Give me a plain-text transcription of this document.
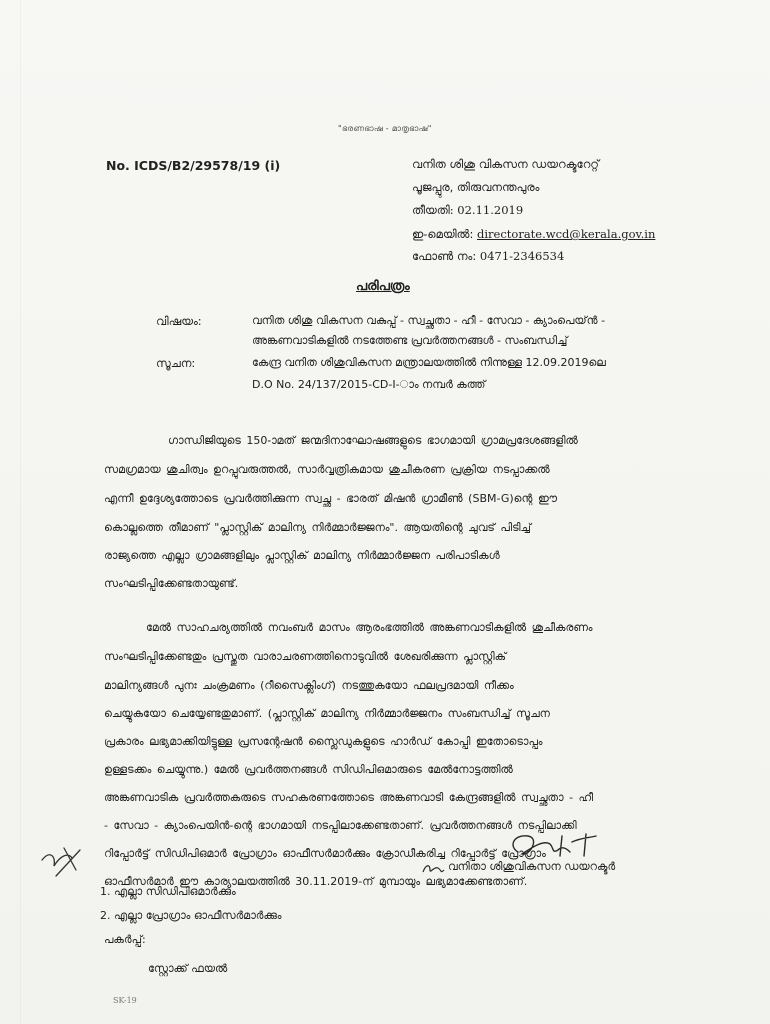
"ഭരണഭാഷ - മാതൃഭാഷ"
No. ICDS/B2/29578/19 (i)	വനിത ശിശു വികസന ഡയറക്ടറേറ്റ്
പൂജപ്പുര, തിരുവനന്തപുരം
തീയതി: 02.11.2019
ഇ-മെയിൽ: directorate.wcd@kerala.gov.in
ഫോൺ നം: 0471-2346534
പരിപത്രം
വിഷയം:	വനിത ശിശു വികസന വകുപ്പ് - സ്വച്ഛതാ - ഹീ - സേവാ - ക്യാംപെയ്ൻ -
അങ്കണവാടികളിൽ നടത്തേണ്ട പ്രവർത്തനങ്ങൾ - സംബന്ധിച്ച്
സൂചന:	കേന്ദ്ര വനിത ശിശുവികസന മന്ത്രാലയത്തിൽ നിന്നുള്ള 12.09.2019ലെ
D.O No. 24/137/2015-CD-I-ാം നമ്പർ കത്ത്
ഗാന്ധിജിയുടെ 150-ാമത് ജന്മദിനാഘോഷങ്ങളുടെ ഭാഗമായി ഗ്രാമപ്രദേശങ്ങളിൽ
സമഗ്രമായ ശുചിത്വം ഉറപ്പുവരുത്തൽ, സാർവ്വത്രികമായ ശുചീകരണ പ്രക്രിയ നടപ്പാക്കൽ
എന്നീ ഉദ്ദേശ്യത്തോടെ പ്രവർത്തിക്കുന്ന സ്വച്ഛ - ഭാരത് മിഷൻ ഗ്രാമീൺ (SBM-G)ന്റെ ഈ
കൊല്ലത്തെ തീമാണ് "പ്ലാസ്റ്റിക് മാലിന്യ നിർമ്മാർജ്ജനം". ആയതിന്റെ ചുവട് പിടിച്ച്
രാജ്യത്തെ എല്ലാ ഗ്രാമങ്ങളിലും പ്ലാസ്റ്റിക് മാലിന്യ നിർമ്മാർജ്ജന പരിപാടികൾ
സംഘടിപ്പിക്കേണ്ടതായുണ്ട്.
മേൽ സാഹചര്യത്തിൽ നവംബർ മാസം ആരംഭത്തിൽ അങ്കണവാടികളിൽ ശുചീകരണം
സംഘടിപ്പിക്കേണ്ടതും പ്രസ്തുത വാരാചരണത്തിനൊടുവിൽ ശേഖരിക്കുന്ന പ്ലാസ്റ്റിക്
മാലിന്യങ്ങൾ പുനഃ ചംക്രമണം (റീസൈക്ലിംഗ്) നടത്തുകയോ ഫലപ്രദമായി നീക്കം
ചെയ്യുകയോ ചെയ്യേണ്ടതുമാണ്. (പ്ലാസ്റ്റിക് മാലിന്യ നിർമ്മാർജ്ജനം സംബന്ധിച്ച് സൂചന
പ്രകാരം ലഭ്യമാക്കിയിട്ടുള്ള പ്രസന്റേഷൻ സ്ലൈഡുകളുടെ ഹാർഡ് കോപ്പി ഇതോടൊപ്പം
ഉള്ളടക്കം ചെയ്യുന്നു.) മേൽ പ്രവർത്തനങ്ങൾ സിഡിപിഒമാരുടെ മേൽനോട്ടത്തിൽ
അങ്കണവാടിക പ്രവർത്തകരുടെ സഹകരണത്തോടെ അങ്കണവാടി കേന്ദ്രങ്ങളിൽ സ്വച്ഛതാ - ഹീ
- സേവാ - ക്യാംപെയിൻ-ന്റെ ഭാഗമായി നടപ്പിലാക്കേണ്ടതാണ്. പ്രവർത്തനങ്ങൾ നടപ്പിലാക്കി
റിപ്പോർട്ട് സിഡിപിഒമാർ പ്രോഗ്രാം ഓഫീസർമാർക്കും ക്രോഡീകരിച്ച റിപ്പോർട്ട് പ്രോഗ്രാം
ഓഫീസർമാർ ഈ കാര്യാലയത്തിൽ 30.11.2019-ന് മുമ്പായും ലഭ്യമാക്കേണ്ടതാണ്.
വനിതാ ശിശുവികസന ഡയറക്ടർ
1. എല്ലാ സിഡിപിഒമാർക്കും
2. എല്ലാ പ്രോഗ്രാം ഓഫീസർമാർക്കും
പകർപ്പ്:
സ്റ്റോക്ക് ഫയൽ
SK-19
